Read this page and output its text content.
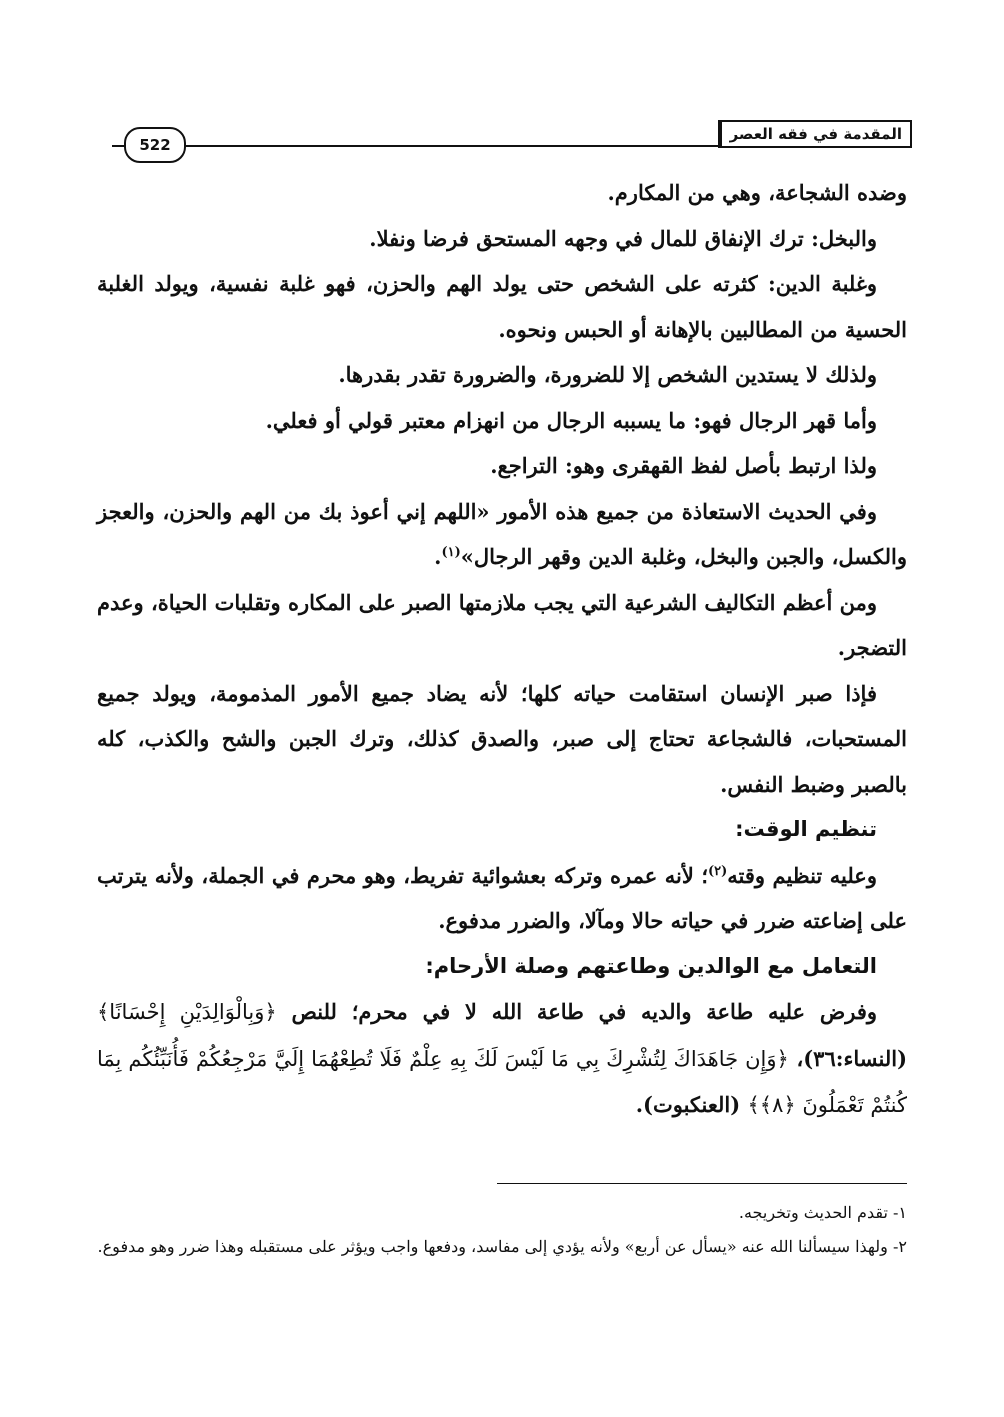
المقدمة في فقه العصر
522

وضده الشجاعة، وهي من المكارم.

والبخل: ترك الإنفاق للمال في وجهه المستحق فرضا ونفلا.

وغلبة الدين: كثرته على الشخص حتى يولد الهم والحزن، فهو غلبة نفسية، ويولد الغلبة الحسية من المطالبين بالإهانة أو الحبس ونحوه.

ولذلك لا يستدين الشخص إلا للضرورة، والضرورة تقدر بقدرها.

وأما قهر الرجال فهو: ما يسببه الرجال من انهزام معتبر قولي أو فعلي.

ولذا ارتبط بأصل لفظ القهقرى وهو: التراجع.

وفي الحديث الاستعاذة من جميع هذه الأمور «اللهم إني أعوذ بك من الهم والحزن، والعجز والكسل، والجبن والبخل، وغلبة الدين وقهر الرجال»$^{(١)}$.

ومن أعظم التكاليف الشرعية التي يجب ملازمتها الصبر على المكاره وتقلبات الحياة، وعدم التضجر.

فإذا صبر الإنسان استقامت حياته كلها؛ لأنه يضاد جميع الأمور المذمومة، ويولد جميع المستحبات، فالشجاعة تحتاج إلى صبر، والصدق كذلك، وترك الجبن والشح والكذب، كله بالصبر وضبط النفس.

تنظيم الوقت:

وعليه تنظيم وقته$^{(٢)}$؛ لأنه عمره وتركه بعشوائية تفريط، وهو محرم في الجملة، ولأنه يترتب على إضاعته ضرر في حياته حالا ومآلا، والضرر مدفوع.

التعامل مع الوالدين وطاعتهم وصلة الأرحام:

وفرض عليه طاعة والديه في طاعة الله لا في محرم؛ للنص ﴿وَبِالْوَالِدَيْنِ إِحْسَانًا﴾ (النساء:٣٦)، ﴿وَإِن جَاهَدَاكَ لِتُشْرِكَ بِي مَا لَيْسَ لَكَ بِهِ عِلْمٌ فَلَا تُطِعْهُمَا إِلَيَّ مَرْجِعُكُمْ فَأُنَبِّئُكُم بِمَا كُنتُمْ تَعْمَلُونَ ﴿٨﴾﴾ (العنكبوت).

١- تقدم الحديث وتخريجه.

٢- ولهذا سيسألنا الله عنه «يسأل عن أربع» ولأنه يؤدي إلى مفاسد، ودفعها واجب ويؤثر على مستقبله وهذا ضرر وهو مدفوع.
